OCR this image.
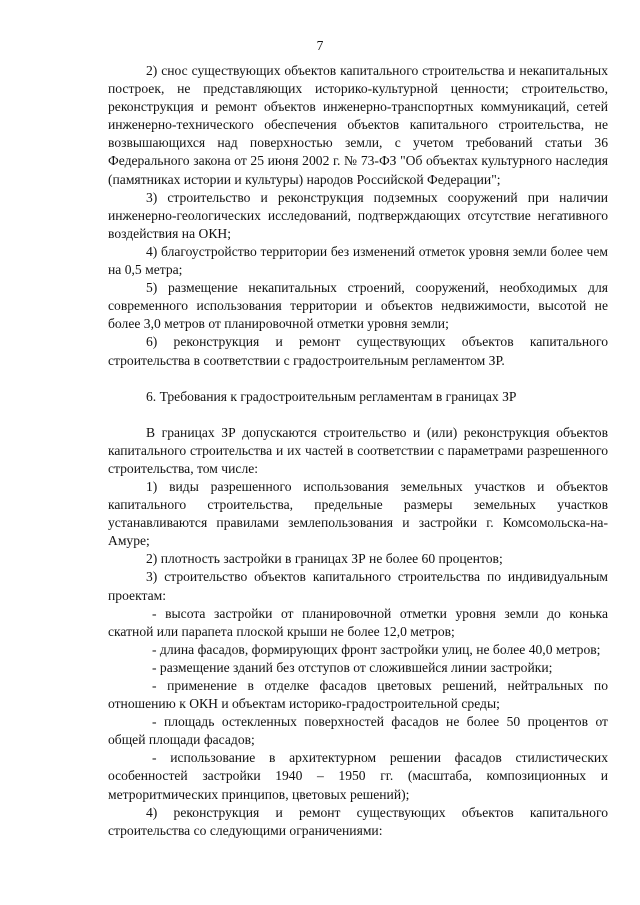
7

2) снос существующих объектов капитального строительства и некапитальных построек, не представляющих историко-культурной ценности; строительство, реконструкция и ремонт объектов инженерно-транспортных коммуникаций, сетей инженерно-технического обеспечения объектов капитального строительства, не возвышающихся над поверхностью земли, с учетом требований статьи 36 Федерального закона от 25 июня 2002 г. № 73-ФЗ "Об объектах культурного наследия (памятниках истории и культуры) народов Российской Федерации";

3) строительство и реконструкция подземных сооружений при наличии инженерно-геологических исследований, подтверждающих отсутствие негативного воздействия на ОКН;

4) благоустройство территории без изменений отметок уровня земли более чем на 0,5 метра;

5) размещение некапитальных строений, сооружений, необходимых для современного использования территории и объектов недвижимости, высотой не более 3,0 метров от планировочной отметки уровня земли;

6) реконструкция и ремонт существующих объектов капитального строительства в соответствии с градостроительным регламентом ЗР.

6. Требования к градостроительным регламентам в границах ЗР

В границах ЗР допускаются строительство и (или) реконструкция объектов капитального строительства и их частей в соответствии с параметрами разрешенного строительства, том числе:

1) виды разрешенного использования земельных участков и объектов капитального строительства, предельные размеры земельных участков устанавливаются правилами землепользования и застройки г. Комсомольска-на-Амуре;

2) плотность застройки в границах ЗР не более 60 процентов;

3) строительство объектов капитального строительства по индивидуальным проектам:

- высота застройки от планировочной отметки уровня земли до конька скатной или парапета плоской крыши не более 12,0 метров;

- длина фасадов, формирующих фронт застройки улиц, не более 40,0 метров;

- размещение зданий без отступов от сложившейся линии застройки;

- применение в отделке фасадов цветовых решений, нейтральных по отношению к ОКН и объектам историко-градостроительной среды;

- площадь остекленных поверхностей фасадов не более 50 процентов от общей площади фасадов;

- использование в архитектурном решении фасадов стилистических особенностей застройки 1940 – 1950 гг. (масштаба, композиционных и метроритмических принципов, цветовых решений);

4) реконструкция и ремонт существующих объектов капитального строительства со следующими ограничениями:
